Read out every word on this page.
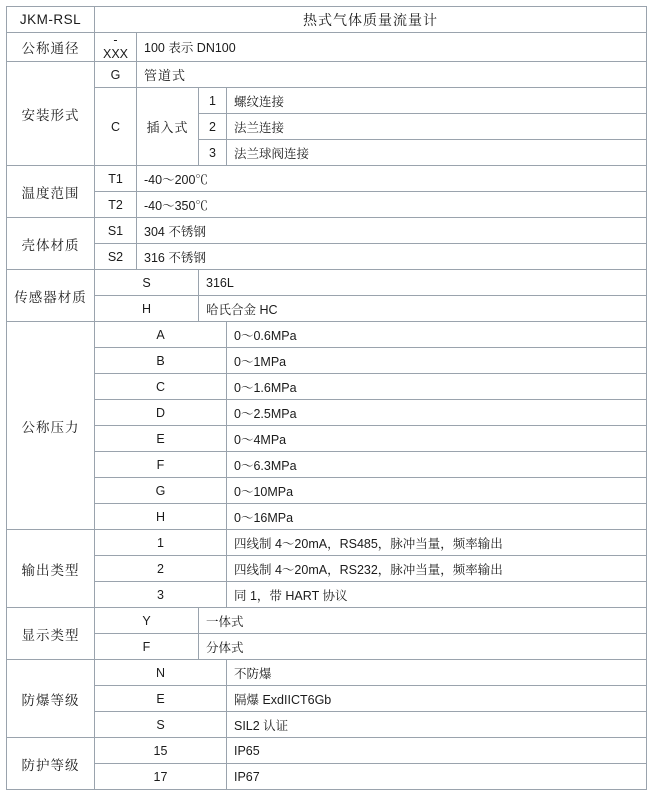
JKM-RSL	热式气体质量流量计			

公称通径	-XXX	100 表示 DN100		

安装形式	G	管道式		

C	插入式	1	螺纹连接

2	法兰连接

3	法兰球阀连接

温度范围	T1	-40～200℃		

T2	-40～350℃		

壳体材质	S1	304 不锈钢		

S2	316 不锈钢		

传感器材质	S		316L	

H		哈氏合金 HC	

公称压力	A			0～0.6MPa

B			0～1MPa

C			0～1.6MPa

D			0～2.5MPa

E			0～4MPa

F			0～6.3MPa

G			0～10MPa

H			0～16MPa

输出类型	1			四线制 4～20mA，RS485，脉冲当量，频率输出

2			四线制 4～20mA，RS232，脉冲当量，频率输出

3			同 1，带 HART 协议

显示类型	Y		一体式	

F		分体式	

防爆等级	N			不防爆

E			隔爆 ExdIICT6Gb

S			SIL2 认证

防护等级	15			IP65

17			IP67
